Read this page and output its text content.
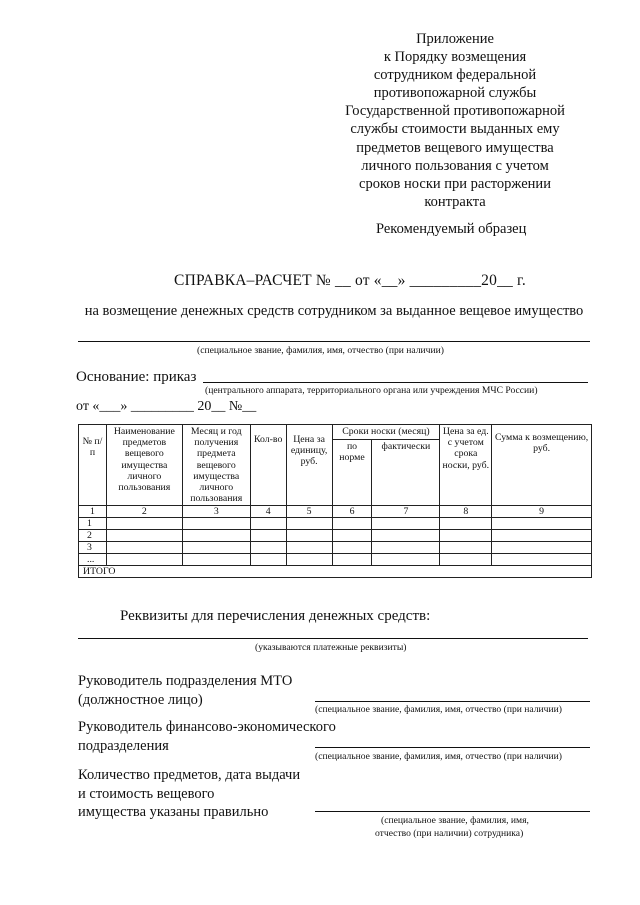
Приложение
к Порядку возмещения
сотрудником федеральной
противопожарной службы
Государственной противопожарной
службы стоимости выданных ему
предметов вещевого имущества
личного пользования с учетом
сроков носки при расторжении
контракта
Рекомендуемый образец
СПРАВКА–РАСЧЕТ № __ от «__» _________20__ г.
на возмещение денежных средств сотрудником за выданное вещевое имущество
(специальное звание, фамилия, имя, отчество (при наличии)
Основание: приказ
(центрального аппарата, территориального органа или учреждения МЧС России)
от «___» _________ 20__ №__
№ п/п	Наименование предметов вещевого имущества личного пользования	Месяц и год получения предмета вещевого имущества личного пользования	Кол-во	Цена за единицу, руб.	Сроки носки (месяц)		Цена за ед. с учетом срока носки, руб.	Сумма к возмещению, руб.

					по норме	фактически		
1	2	3	4	5	6	7	8	9
1								
2								
3								
...								
ИТОГО								
Реквизиты для перечисления денежных средств:
(указываются платежные реквизиты)
Руководитель подразделения МТО
(должностное лицо)
(специальное звание, фамилия, имя, отчество (при наличии)
Руководитель финансово-экономического
подразделения
(специальное звание, фамилия, имя, отчество (при наличии)
Количество предметов, дата выдачи
и стоимость вещевого
имущества указаны правильно
(специальное звание, фамилия, имя,
отчество (при наличии) сотрудника)
